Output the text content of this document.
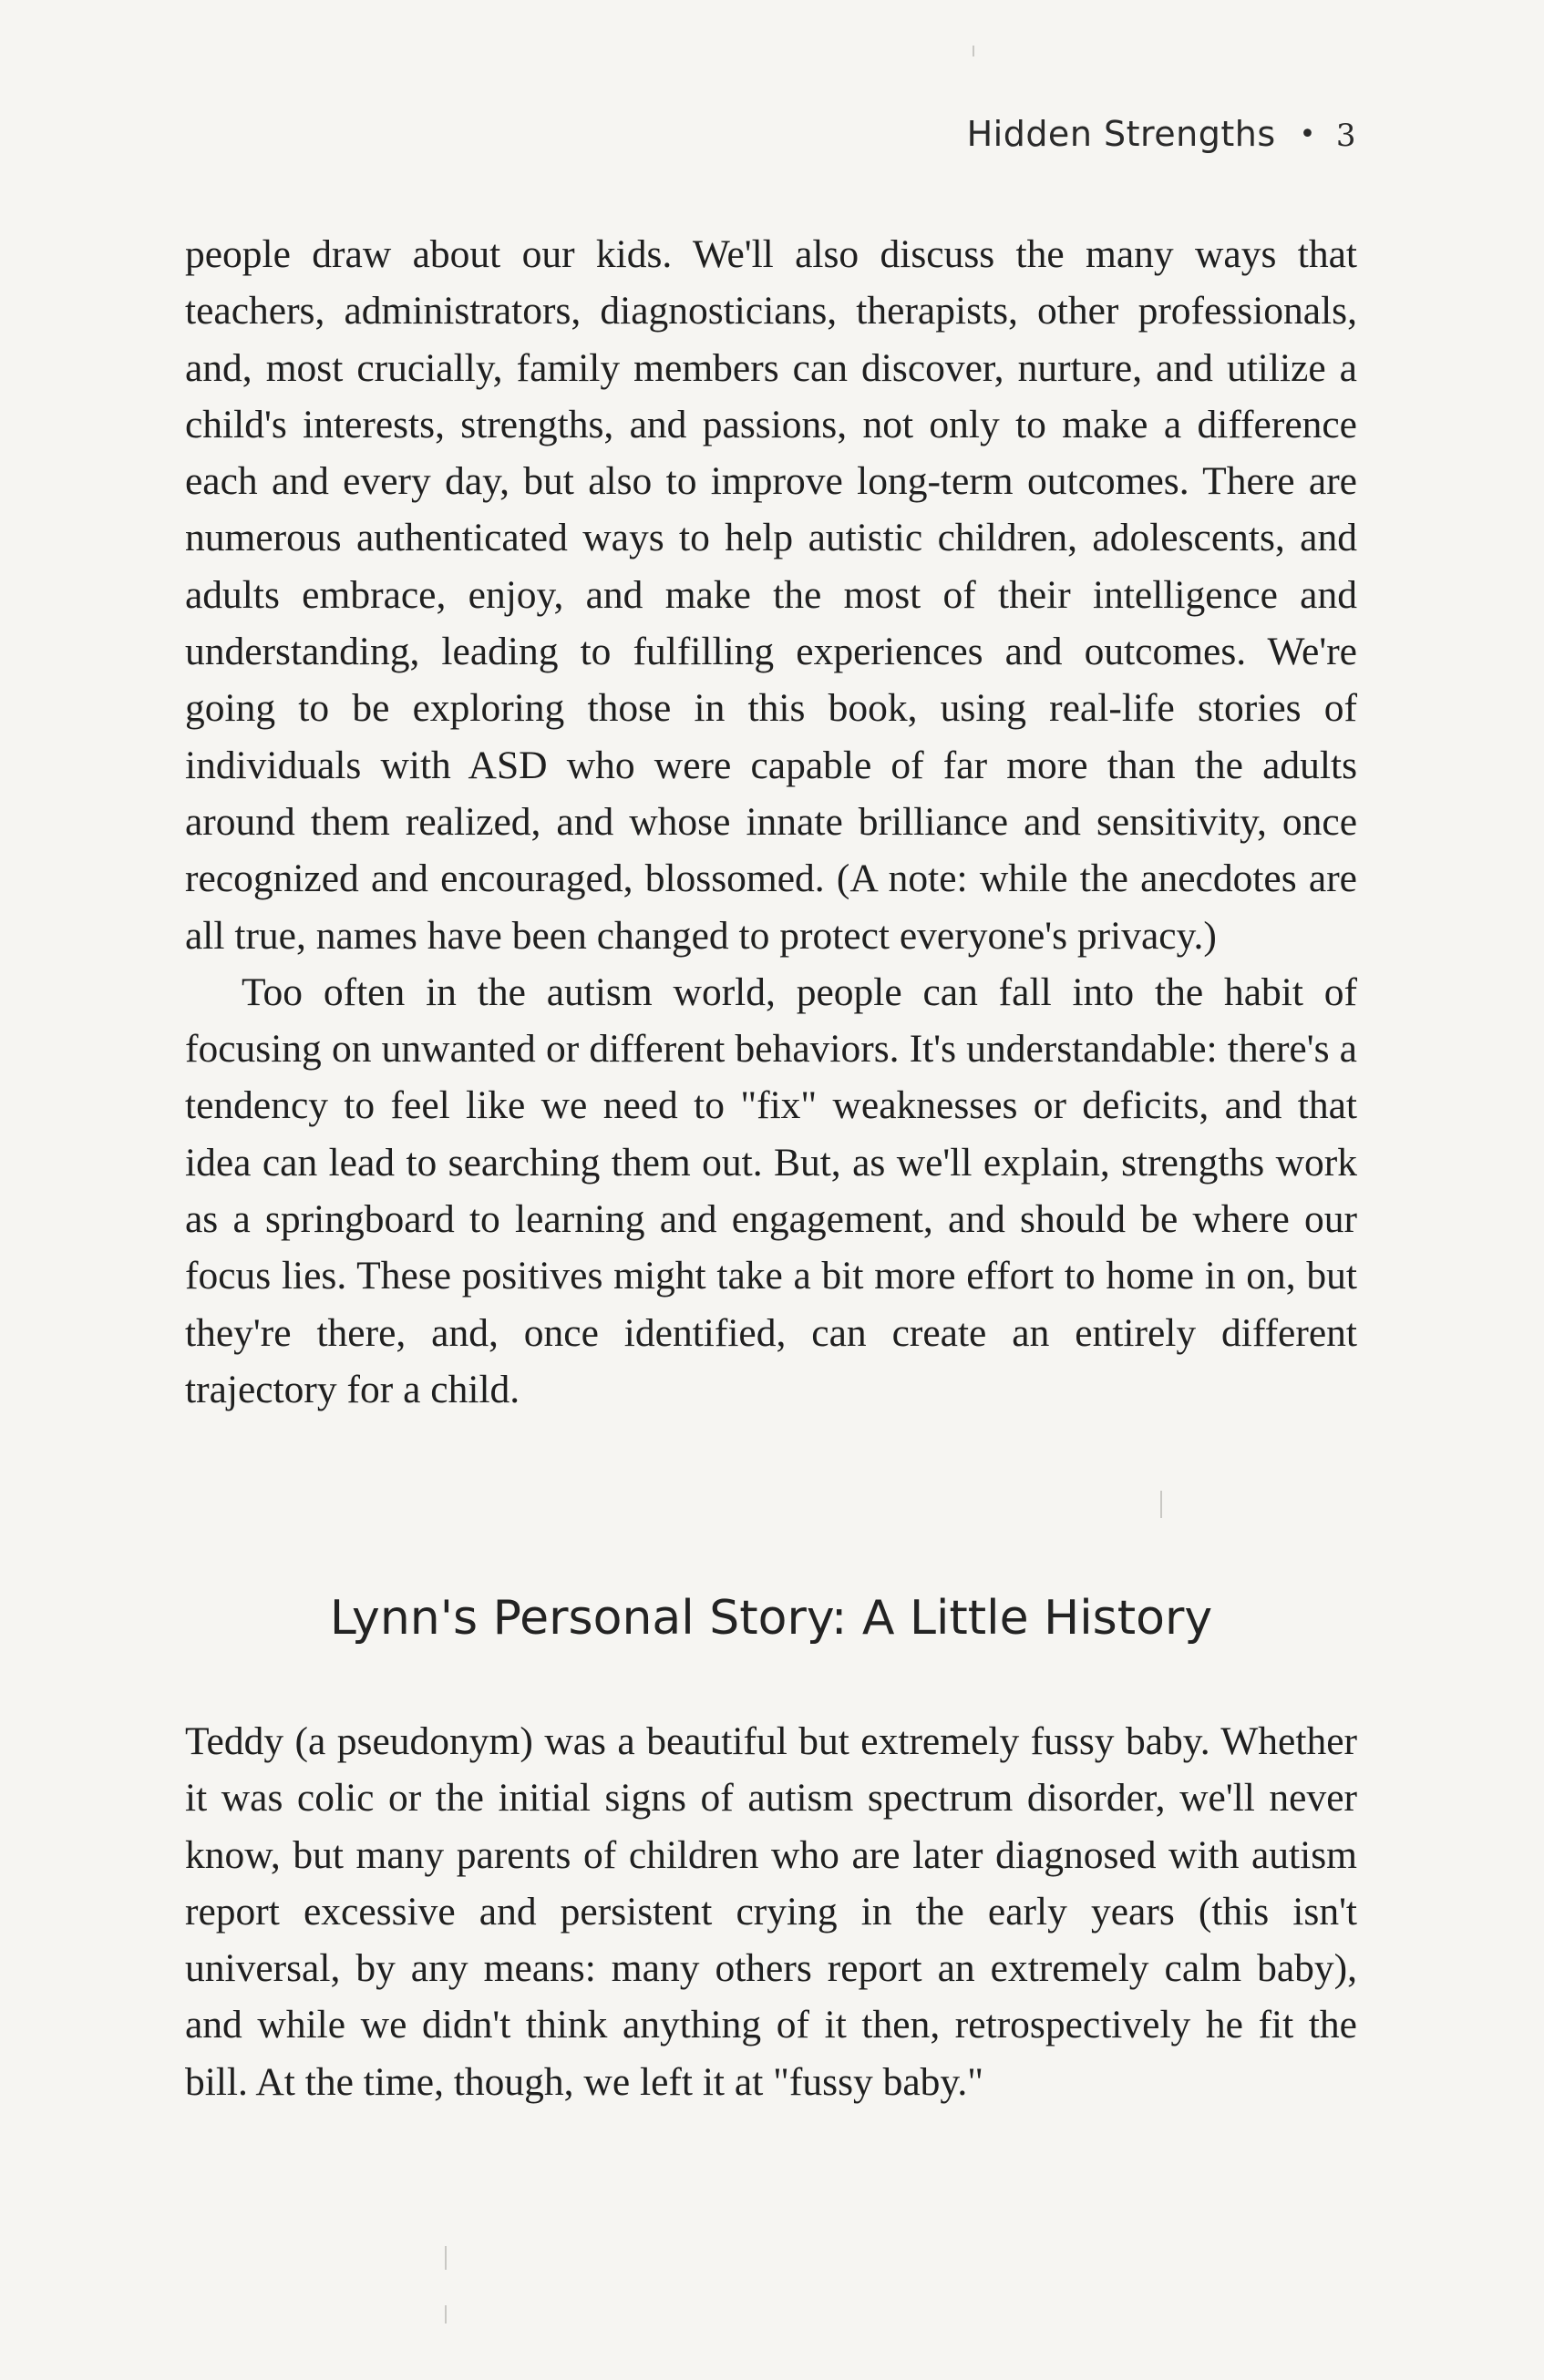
Hidden Strengths • 3

people draw about our kids. We'll also discuss the many ways that teachers, administrators, diagnosticians, therapists, other professionals, and, most crucially, family members can discover, nurture, and utilize a child's interests, strengths, and passions, not only to make a difference each and every day, but also to improve long-term outcomes. There are numerous authenticated ways to help autistic children, adolescents, and adults embrace, enjoy, and make the most of their intelligence and understanding, leading to fulfilling experiences and outcomes. We're going to be exploring those in this book, using real-life stories of individuals with ASD who were capable of far more than the adults around them realized, and whose innate brilliance and sensitivity, once recognized and encouraged, blossomed. (A note: while the anecdotes are all true, names have been changed to protect everyone's privacy.)

Too often in the autism world, people can fall into the habit of focusing on unwanted or different behaviors. It's understandable: there's a tendency to feel like we need to "fix" weaknesses or deficits, and that idea can lead to searching them out. But, as we'll explain, strengths work as a springboard to learning and engagement, and should be where our focus lies. These positives might take a bit more effort to home in on, but they're there, and, once identified, can create an entirely different trajectory for a child.

Lynn's Personal Story: A Little History

Teddy (a pseudonym) was a beautiful but extremely fussy baby. Whether it was colic or the initial signs of autism spectrum disorder, we'll never know, but many parents of children who are later diagnosed with autism report excessive and persistent crying in the early years (this isn't universal, by any means: many others report an extremely calm baby), and while we didn't think anything of it then, retrospectively he fit the bill. At the time, though, we left it at "fussy baby."
